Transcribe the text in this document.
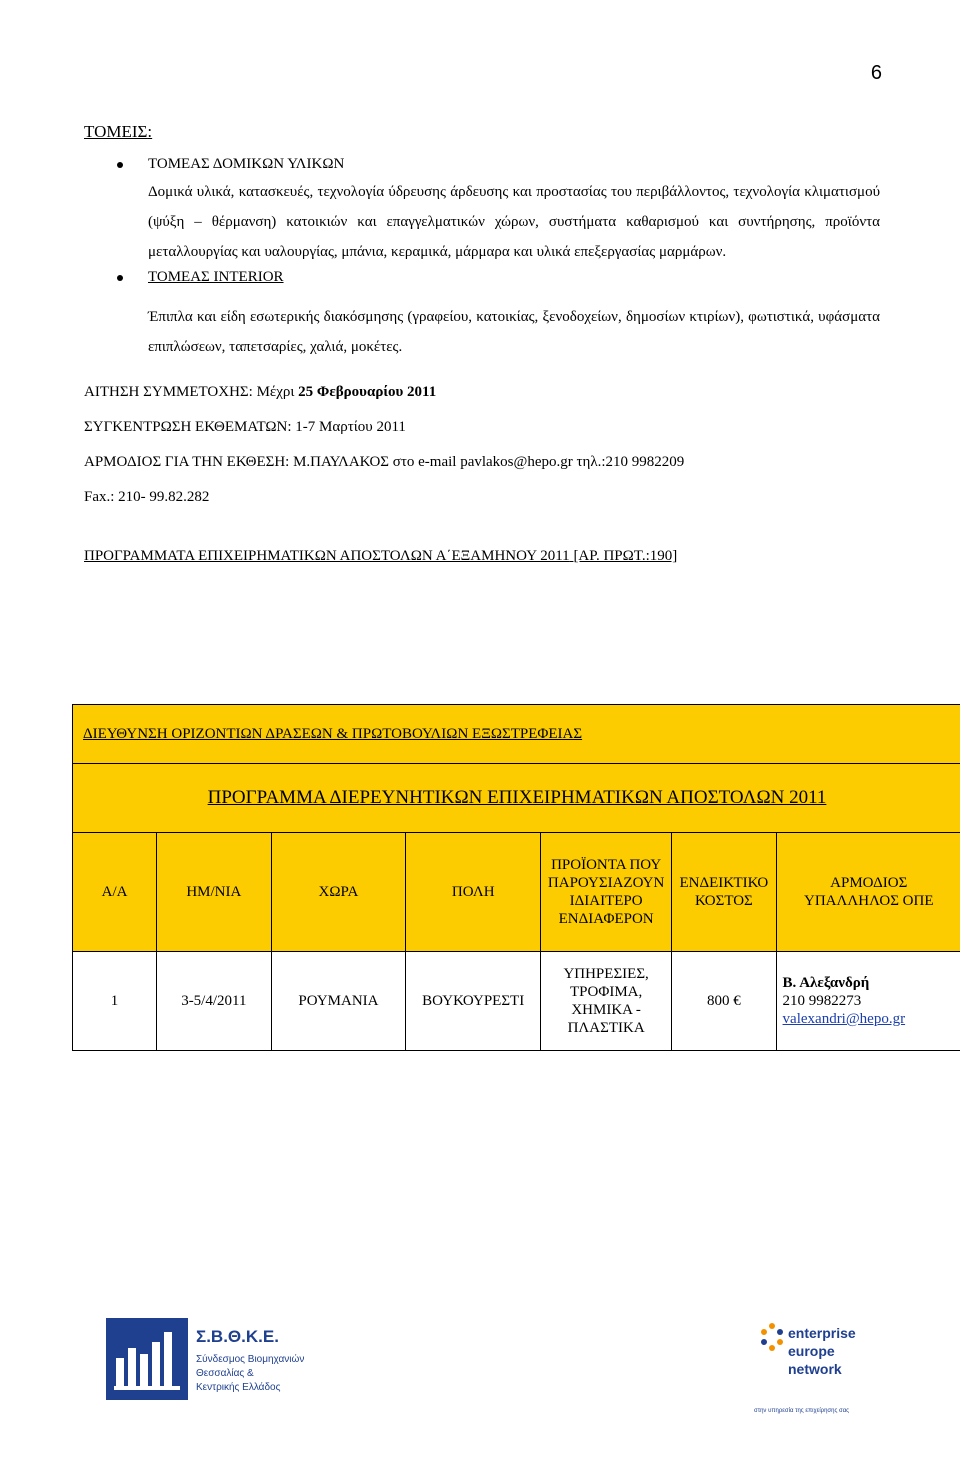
6
ΤΟΜΕΙΣ:
ΤΟΜΕΑΣ ΔΟΜΙΚΩΝ ΥΛΙΚΩΝ
Δομικά υλικά, κατασκευές, τεχνολογία ύδρευσης άρδευσης και προστασίας του περιβάλλοντος, τεχνολογία κλιματισμού (ψύξη – θέρμανση) κατοικιών και επαγγελματικών χώρων, συστήματα καθαρισμού και συντήρησης, προϊόντα μεταλλουργίας και υαλουργίας, μπάνια, κεραμικά, μάρμαρα και υλικά επεξεργασίας μαρμάρων.
ΤΟΜΕΑΣ INTERIOR
Έπιπλα και είδη εσωτερικής διακόσμησης (γραφείου, κατοικίας, ξενοδοχείων, δημοσίων κτιρίων), φωτιστικά, υφάσματα επιπλώσεων, ταπετσαρίες, χαλιά, μοκέτες.
ΑΙΤΗΣΗ ΣΥΜΜΕΤΟΧΗΣ: Μέχρι 25 Φεβρουαρίου 2011
ΣΥΓΚΕΝΤΡΩΣΗ ΕΚΘΕΜΑΤΩΝ: 1-7 Μαρτίου 2011
ΑΡΜΟΔΙΟΣ ΓΙΑ ΤΗΝ ΕΚΘΕΣΗ: Μ.ΠΑΥΛΑΚΟΣ στο e-mail pavlakos@hepo.gr τηλ.:210 9982209
Fax.: 210- 99.82.282
ΠΡΟΓΡΑΜΜΑΤΑ ΕΠΙΧΕΙΡΗΜΑΤΙΚΩΝ ΑΠΟΣΤΟΛΩΝ Α΄ΕΞΑΜΗΝΟΥ 2011 [ΑΡ. ΠΡΩΤ.:190]
ΔΙΕΥΘΥΝΣΗ ΟΡΙΖΟΝΤΙΩΝ ΔΡΑΣΕΩΝ & ΠΡΩΤΟΒΟΥΛΙΩΝ ΕΞΩΣΤΡΕΦΕΙΑΣ						
ΠΡΟΓΡΑΜΜΑ ΔΙΕΡΕΥΝΗΤΙΚΩΝ ΕΠΙΧΕΙΡΗΜΑΤΙΚΩΝ ΑΠΟΣΤΟΛΩΝ 2011						
Α/Α	ΗΜ/ΝΙΑ	ΧΩΡΑ	ΠΟΛΗ	ΠΡΟΪΟΝΤΑ ΠΟΥ ΠΑΡΟΥΣΙΑΖΟΥΝ ΙΔΙΑΙΤΕΡΟ ΕΝΔΙΑΦΕΡΟΝ	ΕΝΔΕΙΚΤΙΚΟ ΚΟΣΤΟΣ	ΑΡΜΟΔΙΟΣ ΥΠΑΛΛΗΛΟΣ ΟΠΕ
1	3-5/4/2011	ΡΟΥΜΑΝΙΑ	ΒΟΥΚΟΥΡΕΣΤΙ	ΥΠΗΡΕΣΙΕΣ, ΤΡΟΦΙΜΑ, ΧΗΜΙΚΑ - ΠΛΑΣΤΙΚΑ	800 €	Β. Αλεξανδρή
210 9982273
valexandri@hepo.gr
Σ.Β.Θ.Κ.Ε.
Σύνδεσμος Βιομηχανιών
Θεσσαλίας &
Κεντρικής Ελλάδος
enterprise
europe
network
στην υπηρεσία της επιχείρησης σας
